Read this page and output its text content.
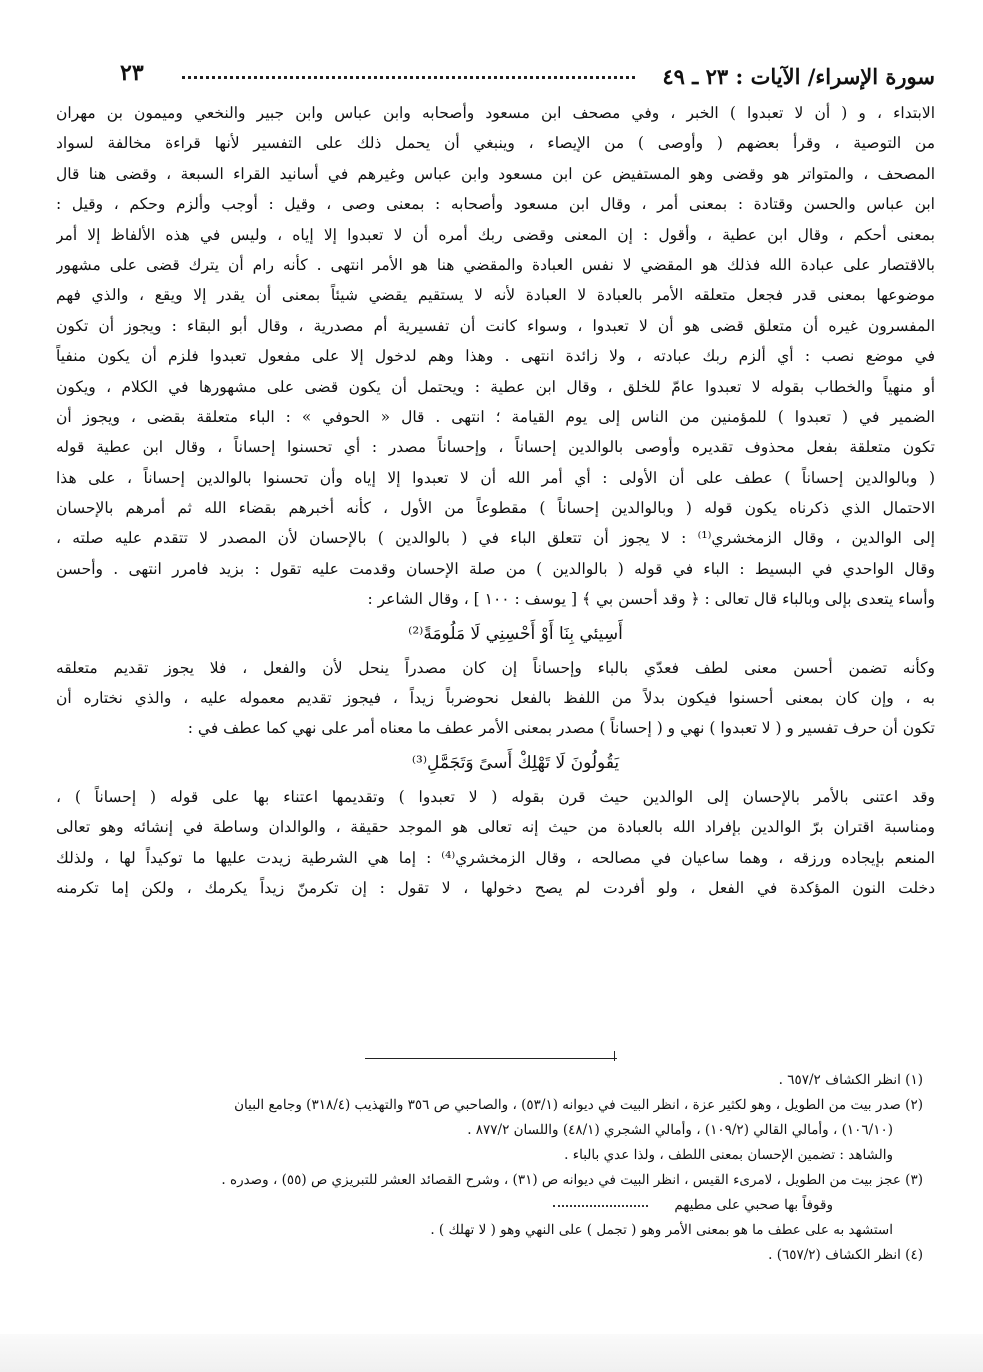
سورة الإسراء/ الآيات : ٢٣ ـ ٤٩
٢٣
الابتداء ، و ( أن لا تعبدوا ) الخبر ، وفي مصحف ابن مسعود وأصحابه وابن عباس وابن جبير والنخعي وميمون بن مهران
من التوصية ، وقرأ بعضهم ( وأوصى ) من الإيصاء ، وينبغي أن يحمل ذلك على التفسير لأنها قراءة مخالفة لسواد
المصحف ، والمتواتر هو وقضى وهو المستفيض عن ابن مسعود وابن عباس وغيرهم في أسانيد القراء السبعة ، وقضى هنا قال
ابن عباس والحسن وقتادة : بمعنى أمر ، وقال ابن مسعود وأصحابه : بمعنى وصى ، وقيل : أوجب وألزم وحكم ، وقيل :
بمعنى أحكم ، وقال ابن عطية ، وأقول : إن المعنى وقضى ربك أمره أن لا تعبدوا إلا إياه ، وليس في هذه الألفاظ إلا أمر
بالاقتصار على عبادة الله فذلك هو المقضي لا نفس العبادة والمقضي هنا هو الأمر انتهى . كأنه رام أن يترك قضى على مشهور
موضوعها بمعنى قدر فجعل متعلقه الأمر بالعبادة لا العبادة لأنه لا يستقيم يقضي شيئاً بمعنى أن يقدر إلا ويقع ، والذي فهم
المفسرون غيره أن متعلق قضى هو أن لا تعبدوا ، وسواء كانت أن تفسيرية أم مصدرية ، وقال أبو البقاء : ويجوز أن تكون
في موضع نصب : أي ألزم ربك عبادته ، ولا زائدة انتهى . وهذا وهم لدخول إلا على مفعول تعبدوا فلزم أن يكون منفياً
أو منهياً والخطاب بقوله لا تعبدوا عامّ للخلق ، وقال ابن عطية : ويحتمل أن يكون قضى على مشهورها في الكلام ، ويكون
الضمير في ( تعبدوا ) للمؤمنين من الناس إلى يوم القيامة ؛ انتهى . قال « الحوفي » : الباء متعلقة بقضى ، ويجوز أن
تكون متعلقة بفعل محذوف تقديره وأوصى بالوالدين إحساناً ، وإحساناً مصدر : أي تحسنوا إحساناً ، وقال ابن عطية قوله
( وبالوالدين إحساناً ) عطف على أن الأولى : أي أمر الله أن لا تعبدوا إلا إياه وأن تحسنوا بالوالدين إحساناً ، على هذا
الاحتمال الذي ذكرناه يكون قوله ( وبالوالدين إحساناً ) مقطوعاً من الأول ، كأنه أخبرهم بقضاء الله ثم أمرهم بالإحسان
إلى الوالدين ، وقال الزمخشري⁽¹⁾ : لا يجوز أن تتعلق الباء في ( بالوالدين ) بالإحسان لأن المصدر لا تتقدم عليه صلته ،
وقال الواحدي في البسيط : الباء في قوله ( بالوالدين ) من صلة الإحسان وقدمت عليه تقول : بزيد فامرر انتهى . وأحسن
وأساء يتعدى بإلى وبالباء قال تعالى : ﴿ وقد أحسن بي ﴾ [ يوسف : ١٠٠ ] ، وقال الشاعر :
أَسِيئي بِنَا أَوْ أَحْسِنِي لَا مَلُومَةً⁽²⁾
وكأنه تضمن أحسن معنى لطف فعدّي بالباء وإحساناً إن كان مصدراً ينحل لأن والفعل ، فلا يجوز تقديم متعلقه
به ، وإن كان بمعنى أحسنوا فيكون بدلاً من اللفظ بالفعل نحوضرباً زيداً ، فيجوز تقديم معموله عليه ، والذي نختاره أن
تكون أن حرف تفسير و ( لا تعبدوا ) نهي و ( إحساناً ) مصدر بمعنى الأمر عطف ما معناه أمر على نهي كما عطف في :
يَقُولُونَ لَا تَهْلِكْ أَسىً وَتَجَمَّلِ⁽³⁾
وقد اعتنى بالأمر بالإحسان إلى الوالدين حيث قرن بقوله ( لا تعبدوا ) وتقديمها اعتناء بها على قوله ( إحساناً ) ،
ومناسبة اقتران برّ الوالدين بإفراد الله بالعبادة من حيث إنه تعالى هو الموجد حقيقة ، والوالدان وساطة في إنشائه وهو تعالى
المنعم بإيجاده ورزقه ، وهما ساعيان في مصالحه ، وقال الزمخشري⁽⁴⁾ : إما هي الشرطية زيدت عليها ما توكيداً لها ، ولذلك
دخلت النون المؤكدة في الفعل ، ولو أفردت لم يصح دخولها ، لا تقول : إن تكرمنّ زيداً يكرمك ، ولكن إما تكرمنه
(١) انظر الكشاف ٦٥٧/٢ .
(٢) صدر بيت من الطويل ، وهو لكثير عزة ، انظر البيت في ديوانه (٥٣/١) ، والصاحبي ص ٣٥٦ والتهذيب (٣١٨/٤) وجامع البيان
(١٠٦/١٠) ، وأمالي القالي (١٠٩/٢) ، وأمالي الشجري (٤٨/١) واللسان ٨٧٧/٢ .
والشاهد : تضمين الإحسان بمعنى اللطف ، ولذا عدي بالباء .
(٣) عجز بيت من الطويل ، لامرىء القيس ، انظر البيت في ديوانه ص (٣١) ، وشرح القصائد العشر للتبريزي ص (٥٥) ، وصدره .
وقوفاً بها صحبي على مطيهم
استشهد به على عطف ما هو بمعنى الأمر وهو ( تجمل ) على النهي وهو ( لا تهلك ) .
(٤) انظر الكشاف (٦٥٧/٢) .
